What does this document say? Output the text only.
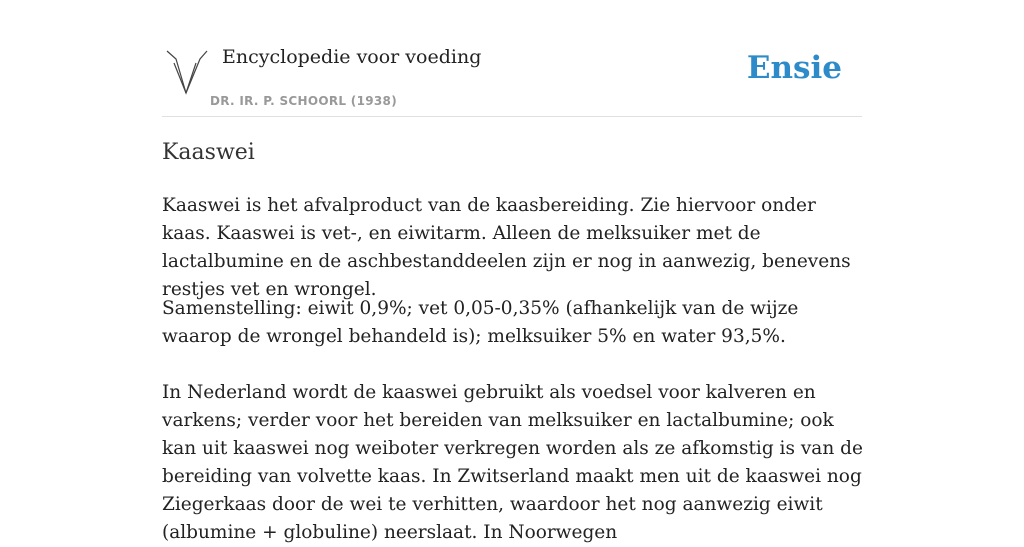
Encyclopedie voor voeding
DR. IR. P. SCHOORL (1938)
Ensie
Kaaswei

Kaaswei is het afvalproduct van de kaasbereiding. Zie hiervoor onder kaas. Kaaswei is vet-, en eiwitarm. Alleen de melksuiker met de lactalbumine en de aschbestanddeelen zijn er nog in aanwezig, benevens restjes vet en wrongel.

Samenstelling: eiwit 0,9%; vet 0,05-0,35% (afhankelijk van de wijze waarop de wrongel behandeld is); melksuiker 5% en water 93,5%.

In Nederland wordt de kaaswei gebruikt als voedsel voor kalveren en varkens; verder voor het bereiden van melksuiker en lactalbumine; ook kan uit kaaswei nog weiboter verkregen worden als ze afkomstig is van de bereiding van volvette kaas. In Zwitserland maakt men uit de kaaswei nog Ziegerkaas door de wei te verhitten, waardoor het nog aanwezig eiwit (albumine + globuline) neerslaat. In Noorwegen
